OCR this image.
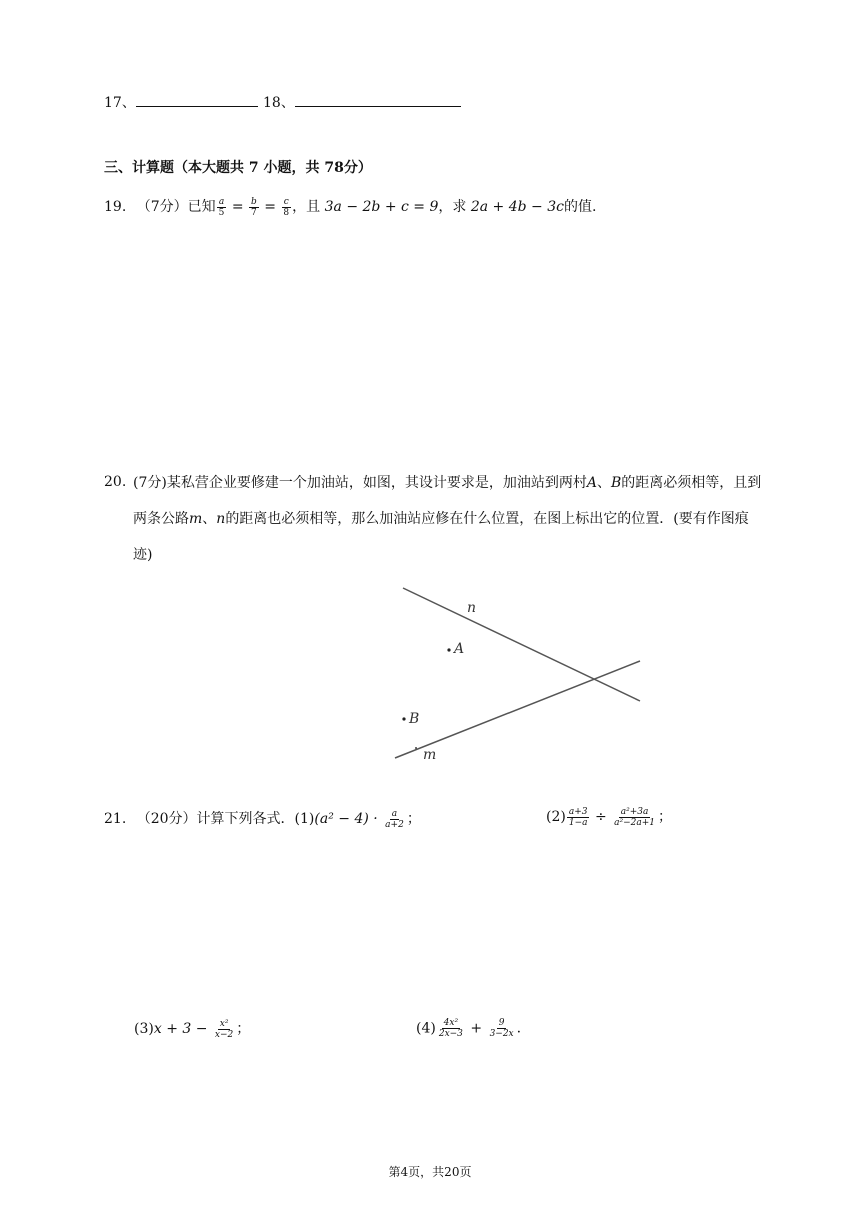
17、	18、
三、计算题（本大题共 7 小题，共 78分）
19. （7分）已知 $\frac{a}{5} = \frac{b}{7} = \frac{c}{8}$ ，且 3a − 2b + c = 9，求 2a + 4b − 3c的值.
20. (7分)某私营企业要修建一个加油站，如图，其设计要求是，加油站到两村A、B的距离必须相等，且到两条公路m、n的距离也必须相等，那么加油站应修在什么位置，在图上标出它的位置．(要有作图痕迹)
n
A
B
m
21. （20分）计算下列各式．$(1)(a^2 - 4) \cdot \frac{a}{a+2}$ ；	$(2) \frac{a+3}{1-a} \div \frac{\text{a²+3a}}{\text{a²−2a+1}}$ ；
$(3)x + 3 - \frac{\text{x²}}{x-2}$ ；	$(4) \frac{\text{4x²}}{2x-3} + \frac{9}{3-2x}$ .
第4页，共20页
